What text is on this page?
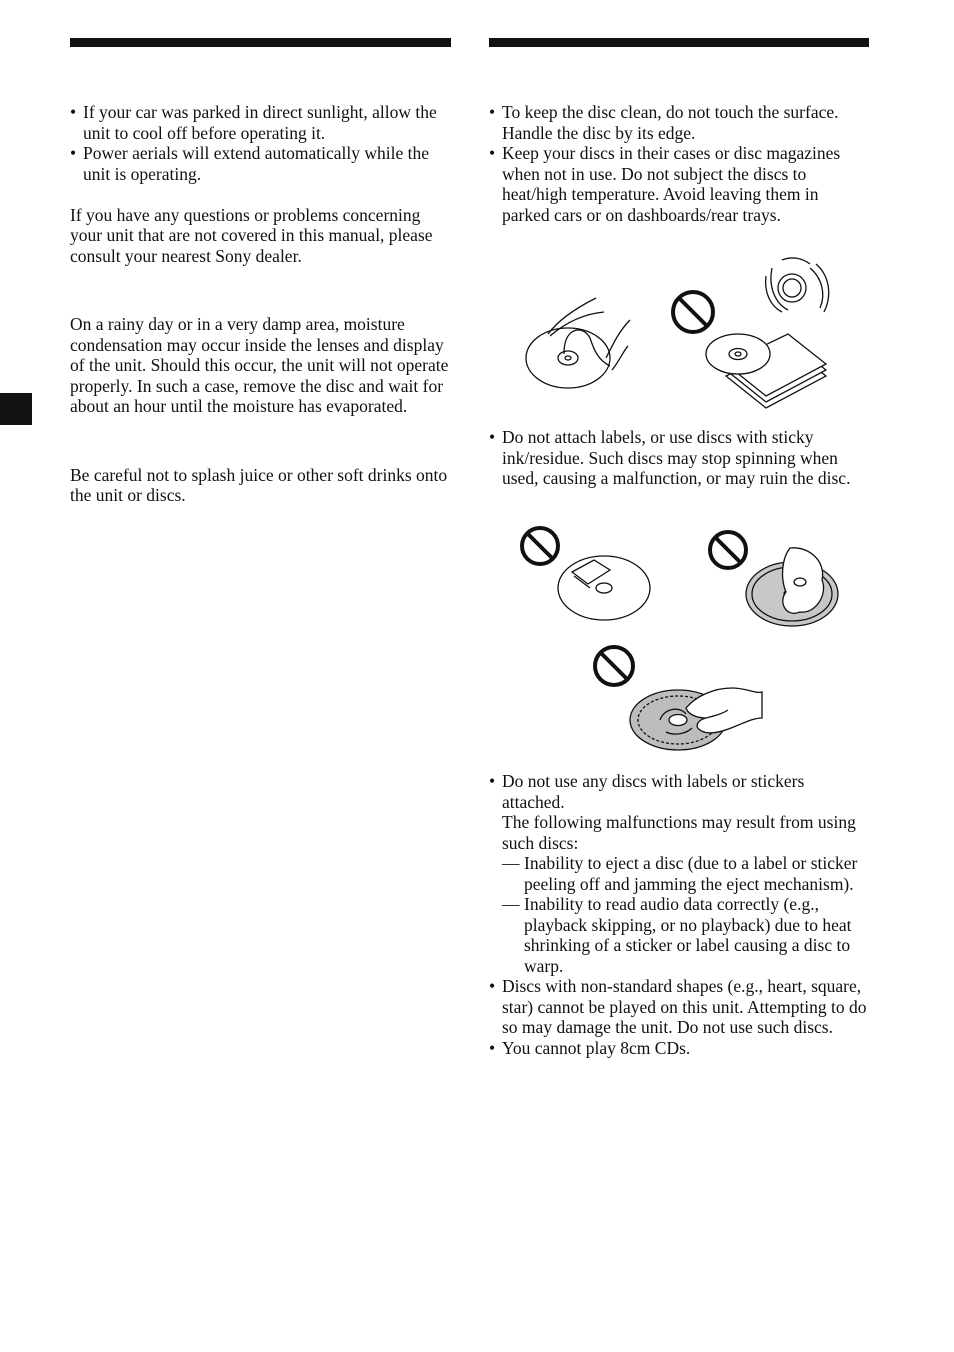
• If your car was parked in direct sunlight, allow the unit to cool off before operating it.

• Power aerials will extend automatically while the unit is operating.

If you have any questions or problems concerning your unit that are not covered in this manual, please consult your nearest Sony dealer.

On a rainy day or in a very damp area, moisture condensation may occur inside the lenses and display of the unit. Should this occur, the unit will not operate properly. In such a case, remove the disc and wait for about an hour until the moisture has evaporated.

Be careful not to splash juice or other soft drinks onto the unit or discs.

• To keep the disc clean, do not touch the surface. Handle the disc by its edge.

• Keep your discs in their cases or disc magazines when not in use. Do not subject the discs to heat/high temperature. Avoid leaving them in parked cars or on dashboards/rear trays.

• Do not attach labels, or use discs with sticky ink/residue. Such discs may stop spinning when used, causing a malfunction, or may ruin the disc.

• Do not use any discs with labels or stickers attached.

The following malfunctions may result from using such discs:

— Inability to eject a disc (due to a label or sticker peeling off and jamming the eject mechanism).

— Inability to read audio data correctly (e.g., playback skipping, or no playback) due to heat shrinking of a sticker or label causing a disc to warp.

• Discs with non-standard shapes (e.g., heart, square, star) cannot be played on this unit. Attempting to do so may damage the unit. Do not use such discs.

• You cannot play 8cm CDs.
